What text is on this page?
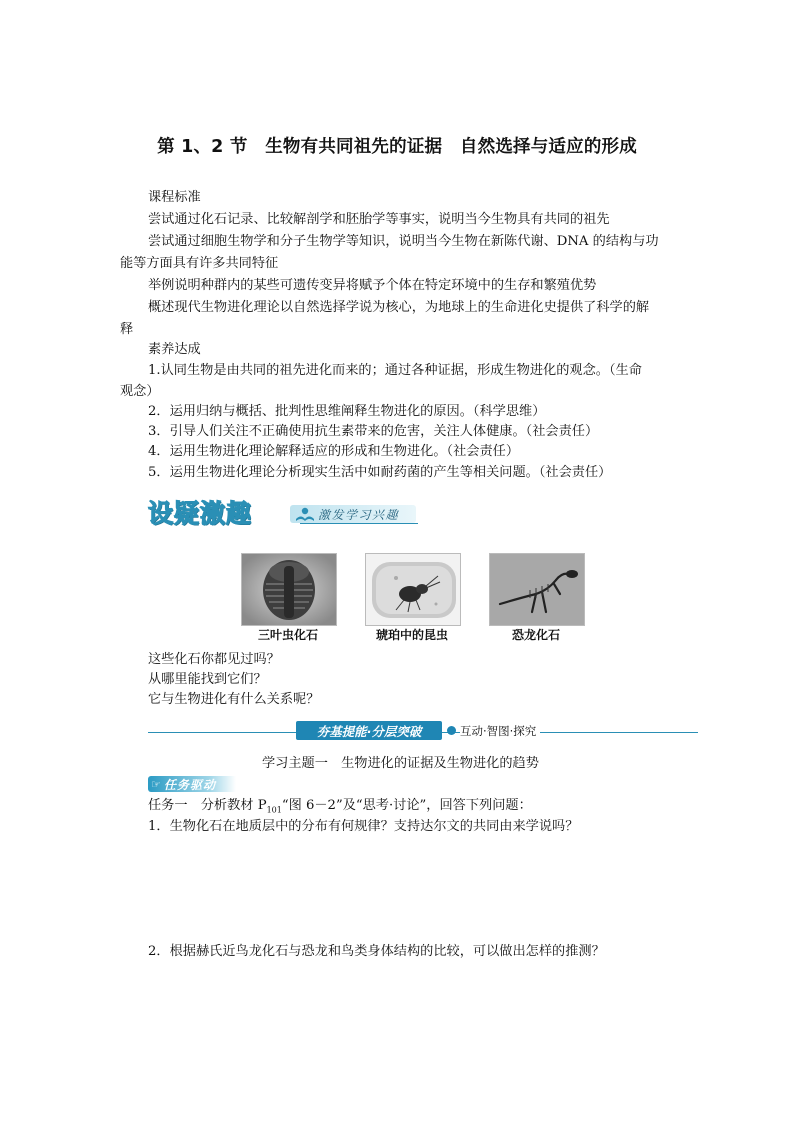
第 1、2 节　生物有共同祖先的证据　自然选择与适应的形成
课程标准
尝试通过化石记录、比较解剖学和胚胎学等事实，说明当今生物具有共同的祖先
尝试通过细胞生物学和分子生物学等知识，说明当今生物在新陈代谢、DNA 的结构与功
能等方面具有许多共同特征
举例说明种群内的某些可遗传变异将赋予个体在特定环境中的生存和繁殖优势
概述现代生物进化理论以自然选择学说为核心，为地球上的生命进化史提供了科学的解
释
素养达成
1.认同生物是由共同的祖先进化而来的；通过各种证据，形成生物进化的观念。（生命
观念）
2．运用归纳与概括、批判性思维阐释生物进化的原因。（科学思维）
3．引导人们关注不正确使用抗生素带来的危害，关注人体健康。（社会责任）
4．运用生物进化理论解释适应的形成和生物进化。（社会责任）
5．运用生物进化理论分析现实生活中如耐药菌的产生等相关问题。（社会责任）
设疑激趣	激发学习兴趣
三叶虫化石	琥珀中的昆虫	恐龙化石
这些化石你都见过吗？
从哪里能找到它们？
它与生物进化有什么关系呢？
夯基提能·分层突破	互动·智图·探究
学习主题一　生物进化的证据及生物进化的趋势
☞ 任务驱动
任务一　分析教材 $P_{101}“$图 6－2”及“思考·讨论”，回答下列问题：
1．生物化石在地质层中的分布有何规律？支持达尔文的共同由来学说吗？
2．根据赫氏近鸟龙化石与恐龙和鸟类身体结构的比较，可以做出怎样的推测？
